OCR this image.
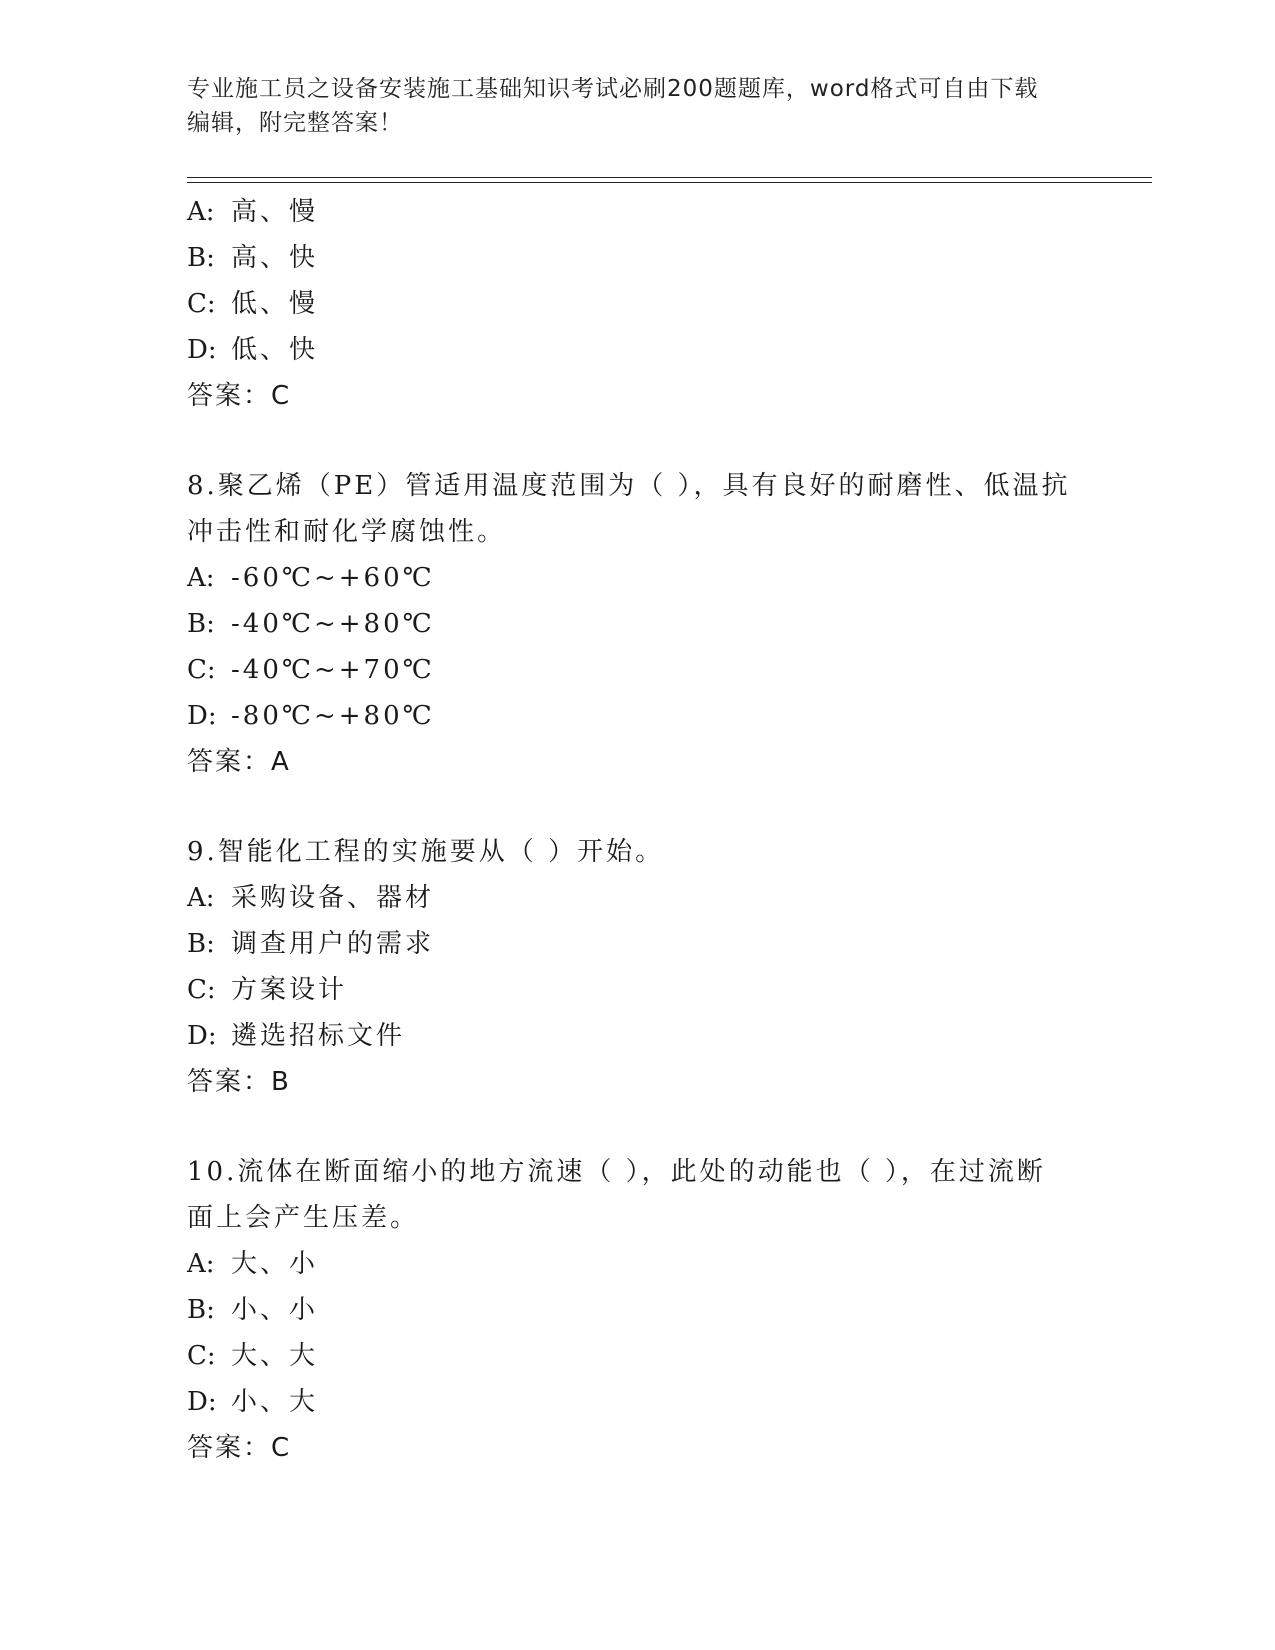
专业施工员之设备安装施工基础知识考试必刷200题题库，word格式可自由下载
编辑，附完整答案！
A: 高、慢
B: 高、快
C: 低、慢
D: 低、快
答案：C
8.聚乙烯（PE）管适用温度范围为（ ），具有良好的耐磨性、低温抗
冲击性和耐化学腐蚀性。
A: -60℃~+60℃
B: -40℃~+80℃
C: -40℃~+70℃
D: -80℃~+80℃
答案：A
9.智能化工程的实施要从（ ）开始。
A: 采购设备、器材
B: 调查用户的需求
C: 方案设计
D: 遴选招标文件
答案：B
10.流体在断面缩小的地方流速（ ），此处的动能也（ ），在过流断
面上会产生压差。
A: 大、小
B: 小、小
C: 大、大
D: 小、大
答案：C
